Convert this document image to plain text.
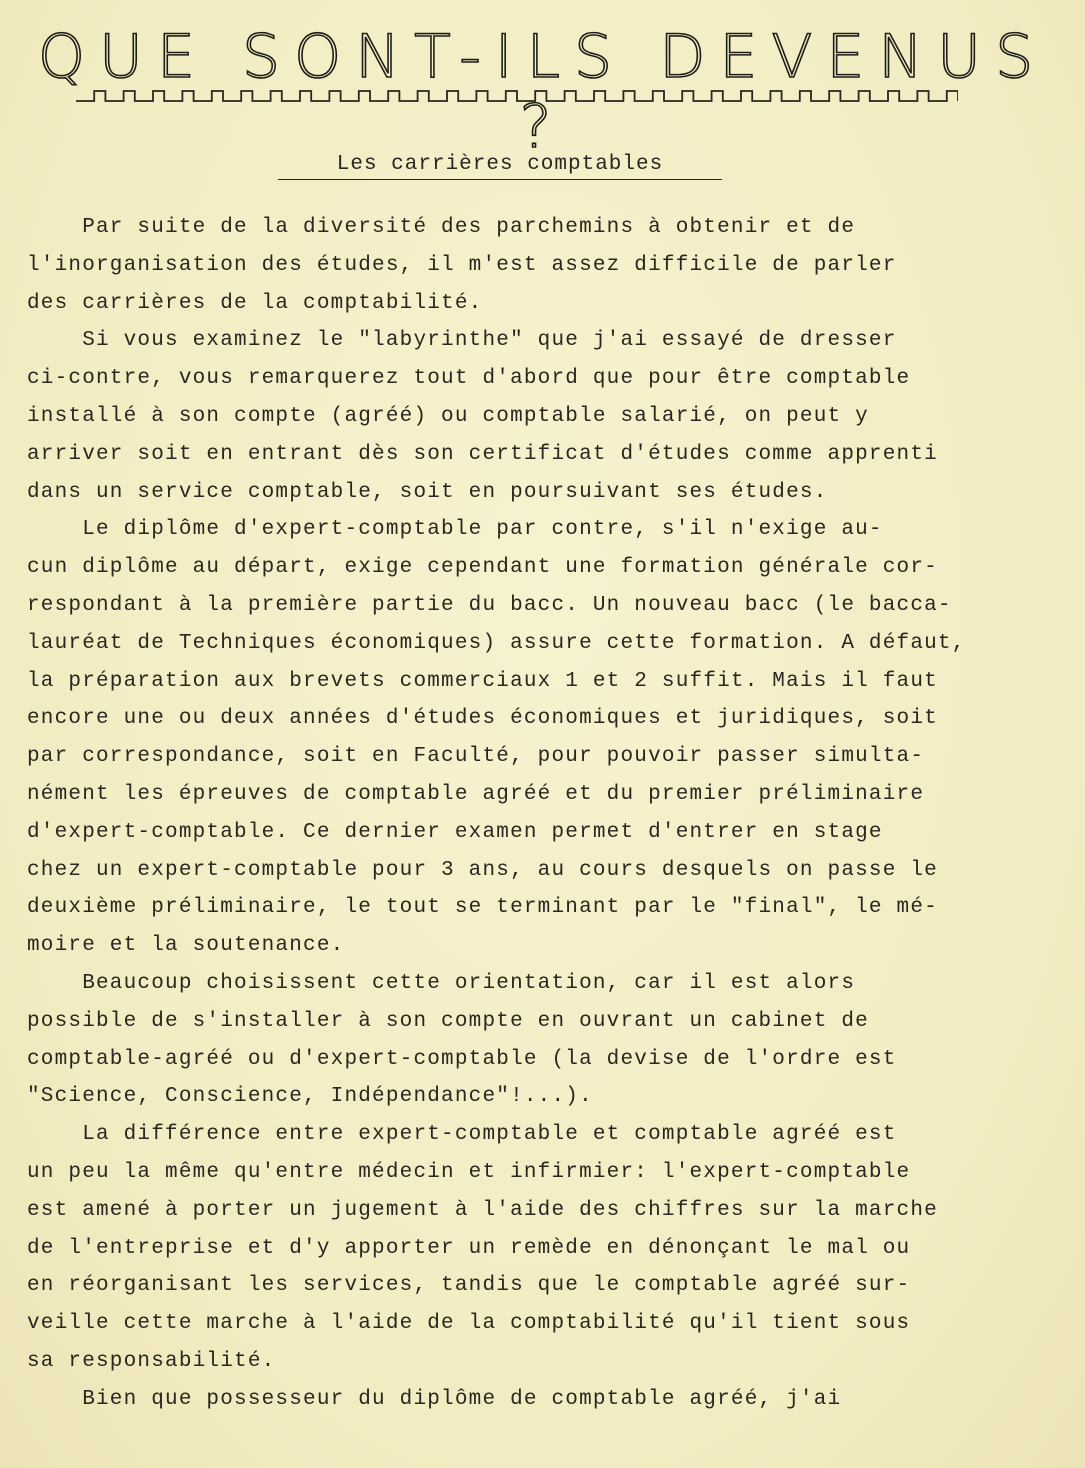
QUE SONT-ILS DEVENUS ?
Les carrières comptables
Par suite de la diversité des parchemins à obtenir et de
l'inorganisation des études, il m'est assez difficile de parler
des carrières de la comptabilité.
Si vous examinez le "labyrinthe" que j'ai essayé de dresser
ci-contre, vous remarquerez tout d'abord que pour être comptable
installé à son compte (agréé) ou comptable salarié, on peut y
arriver soit en entrant dès son certificat d'études comme apprenti
dans un service comptable, soit en poursuivant ses études.
Le diplôme d'expert-comptable par contre, s'il n'exige au-
cun diplôme au départ, exige cependant une formation générale cor-
respondant à la première partie du bacc. Un nouveau bacc (le bacca-
lauréat de Techniques économiques) assure cette formation. A défaut,
la préparation aux brevets commerciaux 1 et 2 suffit. Mais il faut
encore une ou deux années d'études économiques et juridiques, soit
par correspondance, soit en Faculté, pour pouvoir passer simulta-
nément les épreuves de comptable agréé et du premier préliminaire
d'expert-comptable. Ce dernier examen permet d'entrer en stage
chez un expert-comptable pour 3 ans, au cours desquels on passe le
deuxième préliminaire, le tout se terminant par le "final", le mé-
moire et la soutenance.
Beaucoup choisissent cette orientation, car il est alors
possible de s'installer à son compte en ouvrant un cabinet de
comptable-agréé ou d'expert-comptable (la devise de l'ordre est
"Science, Conscience, Indépendance"!...).
La différence entre expert-comptable et comptable agréé est
un peu la même qu'entre médecin et infirmier: l'expert-comptable
est amené à porter un jugement à l'aide des chiffres sur la marche
de l'entreprise et d'y apporter un remède en dénonçant le mal ou
en réorganisant les services, tandis que le comptable agréé sur-
veille cette marche à l'aide de la comptabilité qu'il tient sous
sa responsabilité.
Bien que possesseur du diplôme de comptable agréé, j'ai
